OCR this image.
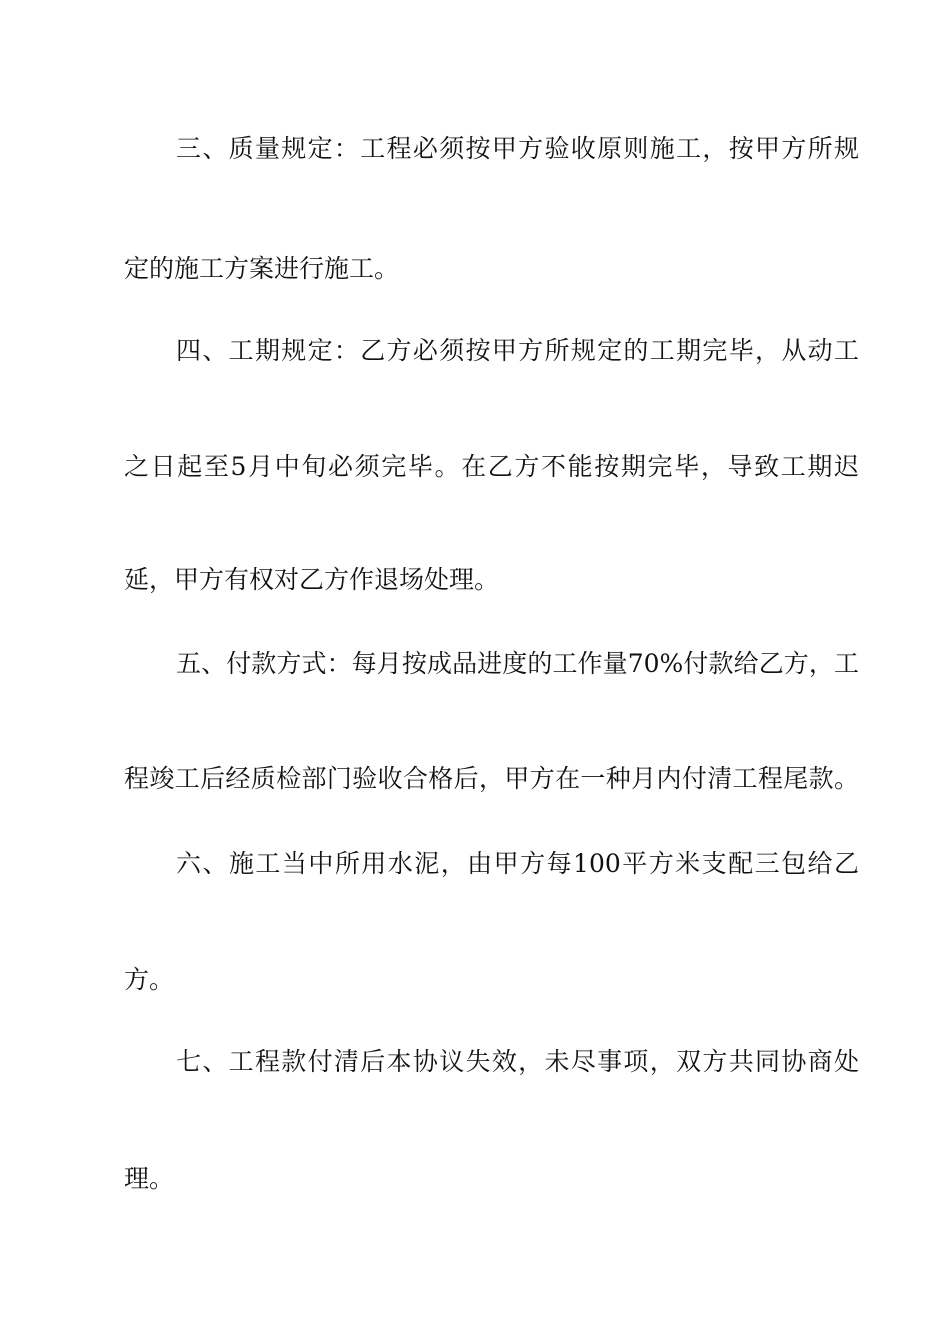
三、质量规定：工程必须按甲方验收原则施工，按甲方所规
定的施工方案进行施工。
四、工期规定：乙方必须按甲方所规定的工期完毕，从动工
之日起至5月中旬必须完毕。在乙方不能按期完毕，导致工期迟
延，甲方有权对乙方作退场处理。
五、付款方式：每月按成品进度的工作量70%付款给乙方，工
程竣工后经质检部门验收合格后，甲方在一种月内付清工程尾款。
六、施工当中所用水泥，由甲方每100平方米支配三包给乙
方。
七、工程款付清后本协议失效，未尽事项，双方共同协商处
理。
